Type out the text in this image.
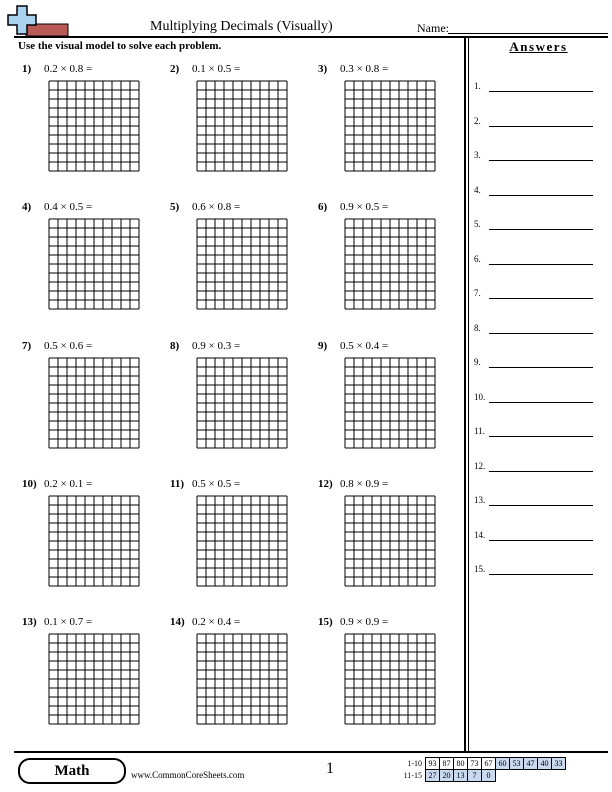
Multiplying Decimals (Visually)	Name:
Use the visual model to solve each problem.	Answers
1.
2.
3.
4.
5.
6.
7.
8.
9.
10.
11.
12.
13.
14.
15.
1) 0.2 × 0.8 =	2) 0.1 × 0.5 =	3) 0.3 × 0.8 =
4) 0.4 × 0.5 =	5) 0.6 × 0.8 =	6) 0.9 × 0.5 =
7) 0.5 × 0.6 =	8) 0.9 × 0.3 =	9) 0.5 × 0.4 =
10) 0.2 × 0.1 =	11) 0.5 × 0.5 =	12) 0.8 × 0.9 =
13) 0.1 × 0.7 =	14) 0.2 × 0.4 =	15) 0.9 × 0.9 =
Math	www.CommonCoreSheets.com	1	1-10	93	87	80	73	67	60	53	47	40	33
11-15	27	20	13	7	0					
